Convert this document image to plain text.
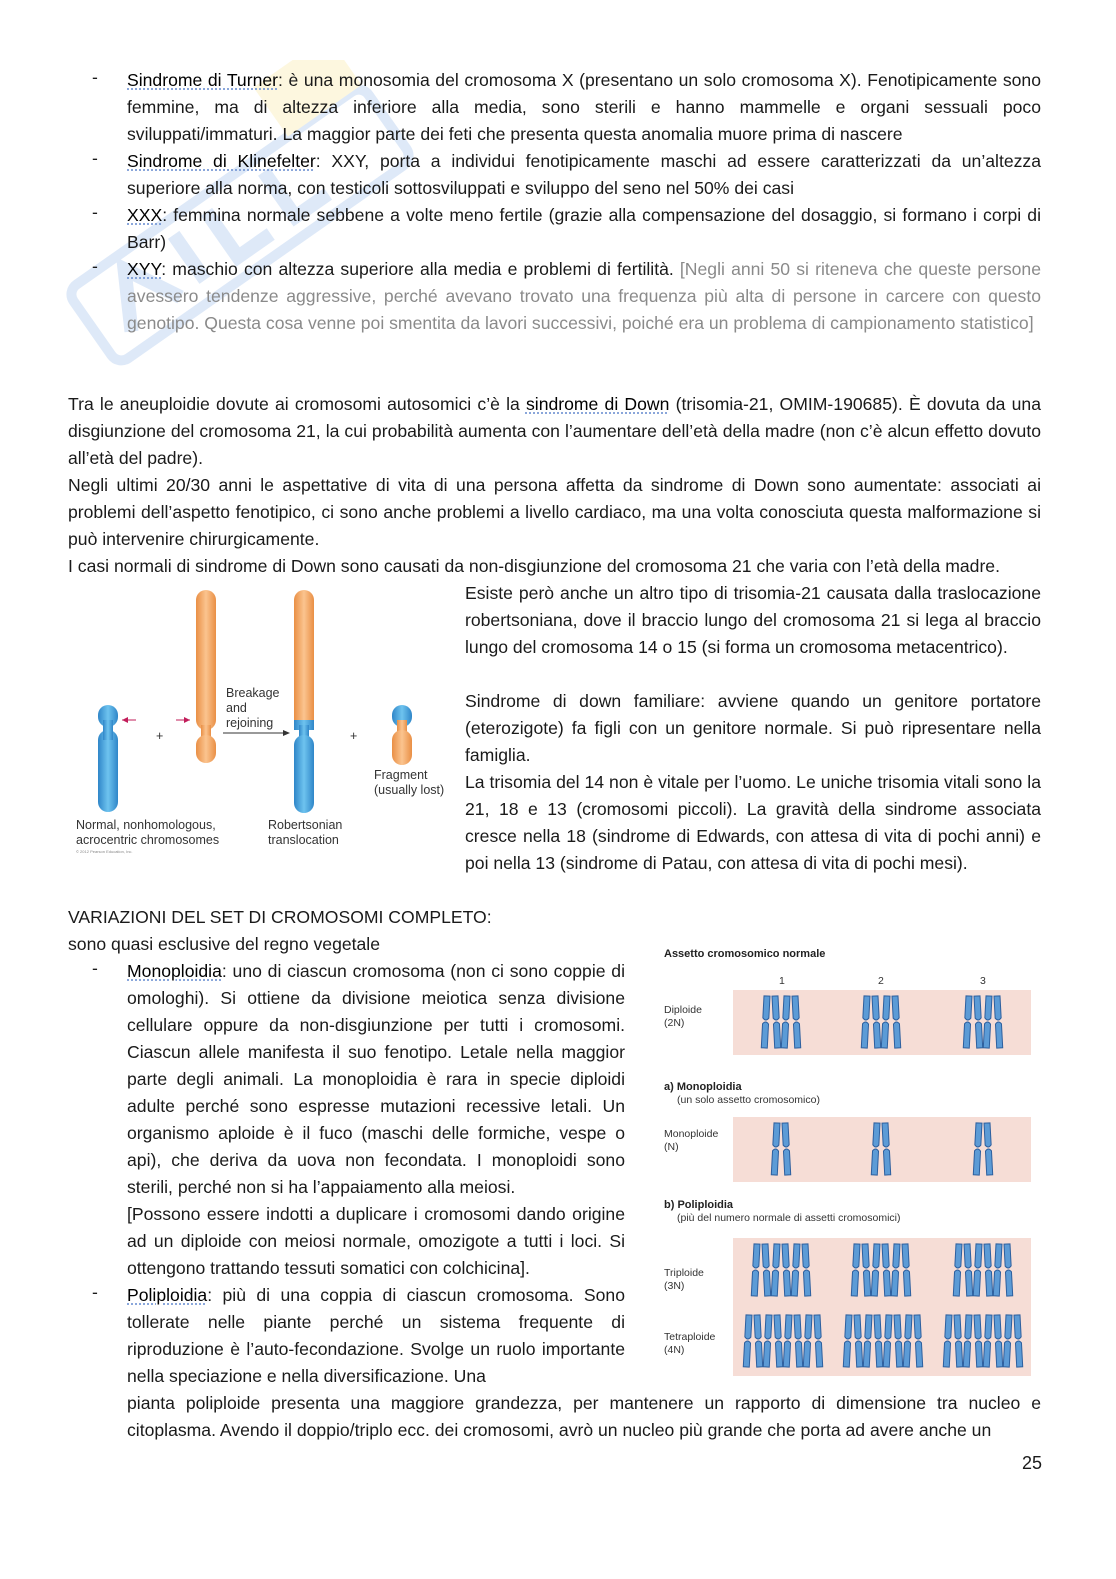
- Sindrome di Turner: è una monosomia del cromosoma X (presentano un solo cromosoma X). Fenotipicamente sono femmine, ma di altezza inferiore alla media, sono sterili e hanno mammelle e organi sessuali poco sviluppati/immaturi. La maggior parte dei feti che presenta questa anomalia muore prima di nascere
- Sindrome di Klinefelter: XXY, porta a individui fenotipicamente maschi ad essere caratterizzati da un’altezza superiore alla norma, con testicoli sottosviluppati e sviluppo del seno nel 50% dei casi
- XXX: femmina normale sebbene a volte meno fertile (grazie alla compensazione del dosaggio, si formano i corpi di Barr)
- XYY: maschio con altezza superiore alla media e problemi di fertilità. [Negli anni 50 si riteneva che queste persone avessero tendenze aggressive, perché avevano trovato una frequenza più alta di persone in carcere con questo genotipo. Questa cosa venne poi smentita da lavori successivi, poiché era un problema di campionamento statistico]
Tra le aneuploidie dovute ai cromosomi autosomici c’è la sindrome di Down (trisomia-21, OMIM-190685). È dovuta da una disgiunzione del cromosoma 21, la cui probabilità aumenta con l’aumentare dell’età della madre (non c’è alcun effetto dovuto all’età del padre).
Negli ultimi 20/30 anni le aspettative di vita di una persona affetta da sindrome di Down sono aumentate: associati ai problemi dell’aspetto fenotipico, ci sono anche problemi a livello cardiaco, ma una volta conosciuta questa malformazione si può intervenire chirurgicamente.
I casi normali di sindrome di Down sono causati da non-disgiunzione del cromosoma 21 che varia con l’età della madre.
+
Breakage
and
rejoining
+
Fragment
(usually lost)
Normal, nonhomologous,
acrocentric chromosomes
Robertsonian
translocation
© 2012 Pearson Education, Inc.
Esiste però anche un altro tipo di trisomia-21 causata dalla traslocazione robertsoniana, dove il braccio lungo del cromosoma 21 si lega al braccio lungo del cromosoma 14 o 15 (si forma un cromosoma metacentrico).
Sindrome di down familiare: avviene quando un genitore portatore (eterozigote) fa figli con un genitore normale. Si può ripresentare nella famiglia.
La trisomia del 14 non è vitale per l’uomo. Le uniche trisomia vitali sono la 21, 18 e 13 (cromosomi piccoli). La gravità della sindrome associata cresce nella 18 (sindrome di Edwards, con attesa di vita di pochi anni) e poi nella 13 (sindrome di Patau, con attesa di vita di pochi mesi).
VARIAZIONI DEL SET DI CROMOSOMI COMPLETO:
sono quasi esclusive del regno vegetale
- Monoploidia: uno di ciascun cromosoma (non ci sono coppie di omologhi). Si ottiene da divisione meiotica senza divisione cellulare oppure da non-disgiunzione per tutti i cromosomi. Ciascun allele manifesta il suo fenotipo. Letale nella maggior parte degli animali. La monoploidia è rara in specie diploidi adulte perché sono espresse mutazioni recessive letali. Un organismo aploide è il fuco (maschi delle formiche, vespe o api), che deriva da uova non fecondata. I monoploidi sono sterili, perché non si ha l’appaiamento alla meiosi.
[Possono essere indotti a duplicare i cromosomi dando origine ad un diploide con meiosi normale, omozigote a tutti i loci. Si ottengono trattando tessuti somatici con colchicina].
- Poliploidia: più di una coppia di ciascun cromosoma. Sono tollerate nelle piante perché un sistema frequente di riproduzione è l’auto-fecondazione. Svolge un ruolo importante nella speciazione e nella diversificazione. Una
pianta poliploide presenta una maggiore grandezza, per mantenere un rapporto di dimensione tra nucleo e citoplasma. Avendo il doppio/triplo ecc. dei cromosomi, avrò un nucleo più grande che porta ad avere anche un
Assetto cromosomico normale
1	2	3
Diploide
(2N)
a) Monoploidia
(un solo assetto cromosomico)
Monoploide
(N)
b) Poliploidia
(più del numero normale di assetti cromosomici)
Triploide
(3N)
Tetraploide
(4N)
25
